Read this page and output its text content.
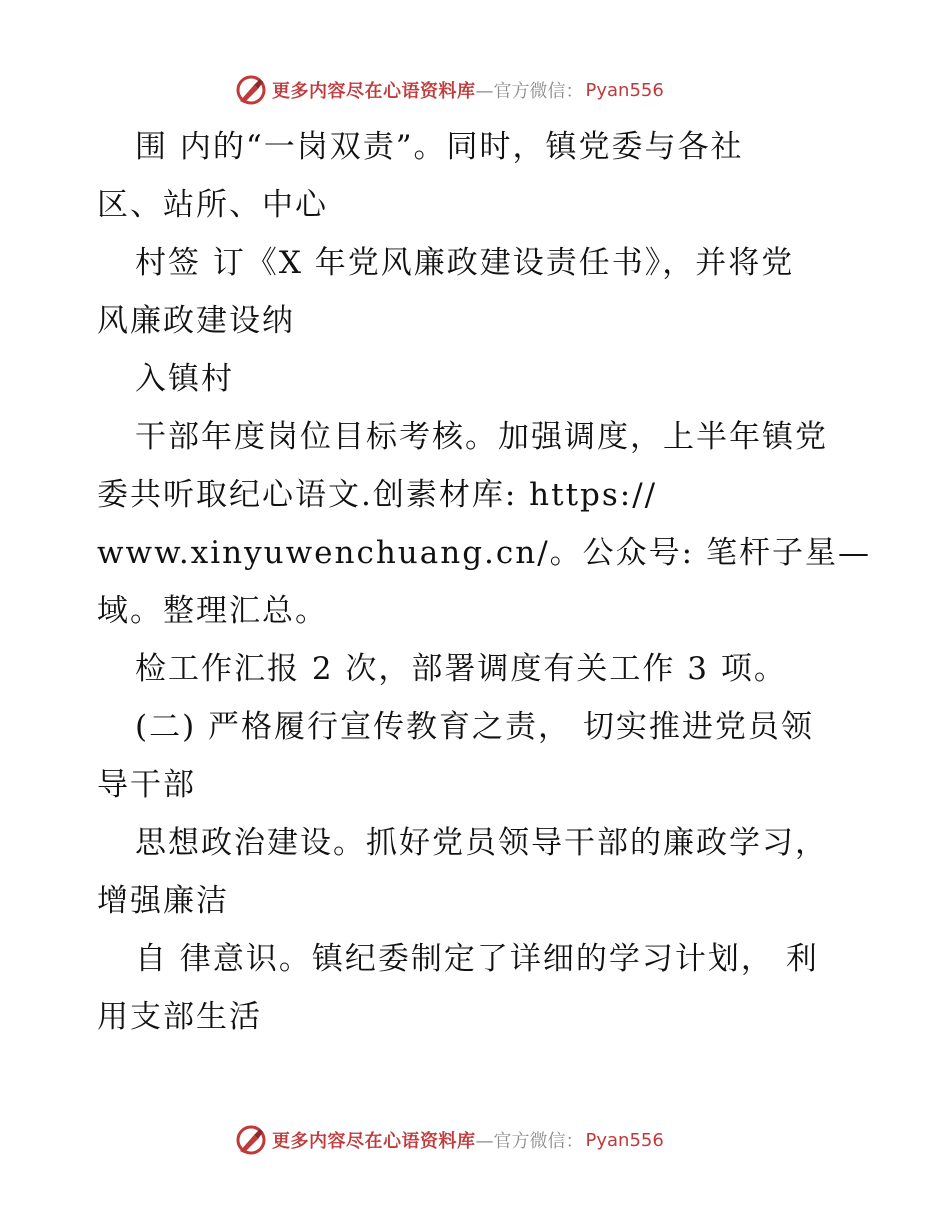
更多内容尽在心语资料库 —官方微信： Pyan556
围 内的“一岗双责”。同时，镇党委与各社
区、站所、中心
村签 订《X 年党风廉政建设责任书》，并将党
风廉政建设纳
入镇村
干部年度岗位目标考核。加强调度，上半年镇党
委共听取纪心语文.创素材库: https://
www.xinyuwenchuang.cn/。公众号: 笔杆子星—
域。整理汇总。
检工作汇报 2 次，部署调度有关工作 3 项。
(二) 严格履行宣传教育之责， 切实推进党员领
导干部
思想政治建设。抓好党员领导干部的廉政学习，
增强廉洁
自 律意识。镇纪委制定了详细的学习计划， 利
用支部生活
更多内容尽在心语资料库 —官方微信： Pyan556
